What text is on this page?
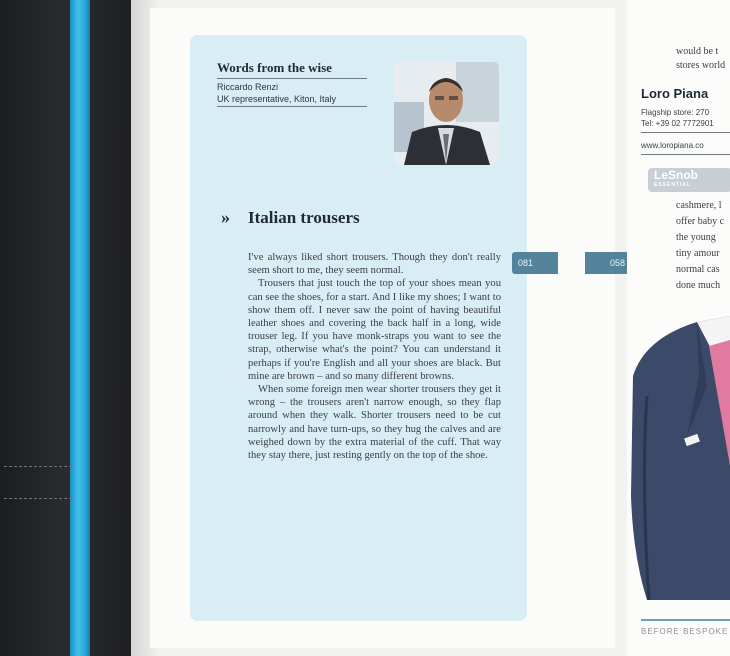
Words from the wise
Riccardo Renzi
UK representative, Kiton, Italy
» Italian trousers

I've always liked short trousers. Though they don't really seem short to me, they seem normal.

Trousers that just touch the top of your shoes mean you can see the shoes, for a start. And I like my shoes; I want to show them off. I never saw the point of having beautiful leather shoes and covering the back half in a long, wide trouser leg. If you have monk-straps you want to see the strap, otherwise what's the point? You can understand it perhaps if you're English and all your shoes are black. But mine are brown – and so many different browns.

When some foreign men wear shorter trousers they get it wrong – the trousers aren't narrow enough, so they flap around when they walk. Shorter trousers need to be cut narrowly and have turn-ups, so they hug the calves and are weighed down by the extra material of the cuff. That way they stay there, just resting gently on the top of the shoe.

081	058
would be t
stores world
Loro Piana
Flagship store: 270
Tel: +39 02 7772901
www.loropiana.co
LeSnob
ESSENTIAL
cashmere, l
offer baby c
the young
tiny amour
normal cas
done much
BEFORE BESPOKE
